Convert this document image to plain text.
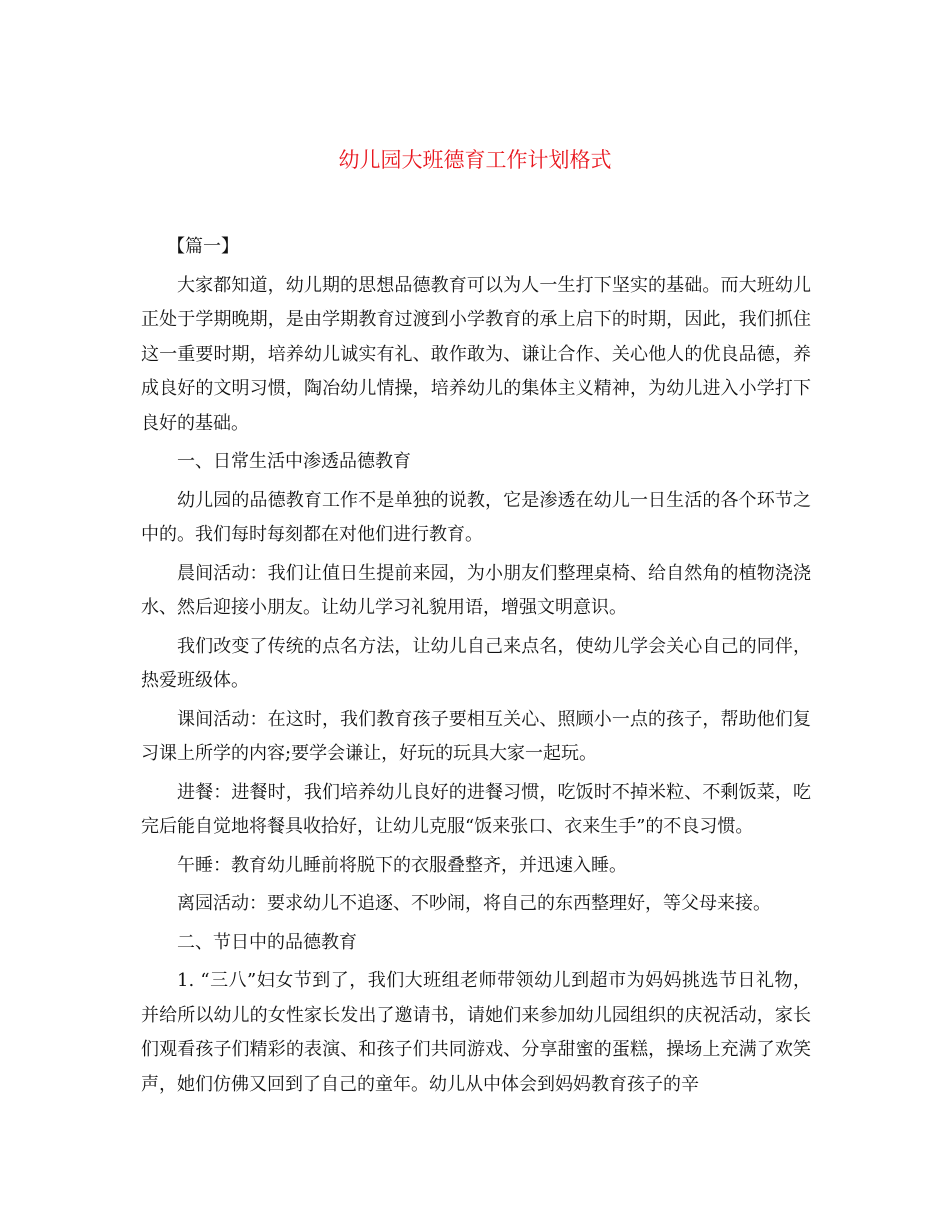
幼儿园大班德育工作计划格式

【篇一】

大家都知道，幼儿期的思想品德教育可以为人一生打下坚实的基础。而大班幼儿正处于学期晚期，是由学期教育过渡到小学教育的承上启下的时期，因此，我们抓住这一重要时期，培养幼儿诚实有礼、敢作敢为、谦让合作、关心他人的优良品德，养成良好的文明习惯，陶冶幼儿情操，培养幼儿的集体主义精神，为幼儿进入小学打下良好的基础。

一、日常生活中渗透品德教育

幼儿园的品德教育工作不是单独的说教，它是渗透在幼儿一日生活的各个环节之中的。我们每时每刻都在对他们进行教育。

晨间活动：我们让值日生提前来园，为小朋友们整理桌椅、给自然角的植物浇浇水、然后迎接小朋友。让幼儿学习礼貌用语，增强文明意识。

我们改变了传统的点名方法，让幼儿自己来点名，使幼儿学会关心自己的同伴，热爱班级体。

课间活动：在这时，我们教育孩子要相互关心、照顾小一点的孩子，帮助他们复习课上所学的内容;要学会谦让，好玩的玩具大家一起玩。

进餐：进餐时，我们培养幼儿良好的进餐习惯，吃饭时不掉米粒、不剩饭菜，吃完后能自觉地将餐具收拾好，让幼儿克服“饭来张口、衣来生手”的不良习惯。

午睡：教育幼儿睡前将脱下的衣服叠整齐，并迅速入睡。

离园活动：要求幼儿不追逐、不吵闹，将自己的东西整理好，等父母来接。

二、节日中的品德教育

1. “三八”妇女节到了，我们大班组老师带领幼儿到超市为妈妈挑选节日礼物，并给所以幼儿的女性家长发出了邀请书，请她们来参加幼儿园组织的庆祝活动，家长们观看孩子们精彩的表演、和孩子们共同游戏、分享甜蜜的蛋糕，操场上充满了欢笑声，她们仿佛又回到了自己的童年。幼儿从中体会到妈妈教育孩子的辛
